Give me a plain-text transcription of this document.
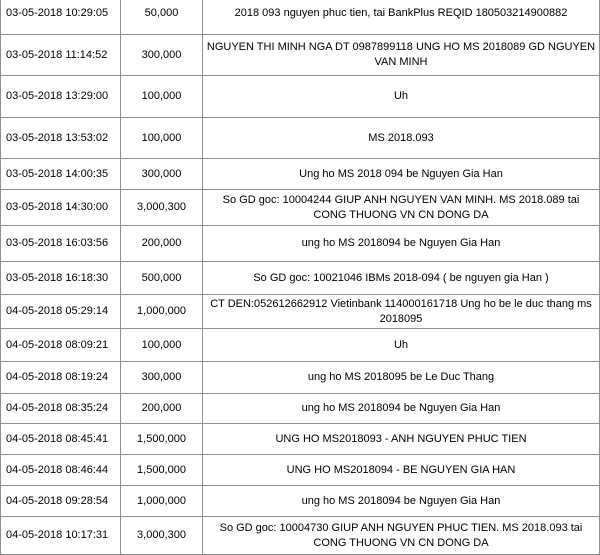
03-05-2018 10:29:05	50,000	2018 093 nguyen phuc tien, tai BankPlus REQID 180503214900882
03-05-2018 11:14:52	300,000	NGUYEN THI MINH NGA DT 0987899118 UNG HO MS 2018089 GD NGUYEN VAN MINH
03-05-2018 13:29:00	100,000	Uh
03-05-2018 13:53:02	100,000	MS 2018.093
03-05-2018 14:00:35	300,000	Ung ho MS 2018 094 be Nguyen Gia Han
03-05-2018 14:30:00	3,000,300	So GD goc: 10004244 GIUP ANH NGUYEN VAN MINH. MS 2018.089 tai CONG THUONG VN CN DONG DA
03-05-2018 16:03:56	200,000	ung ho MS 2018094 be Nguyen Gia Han
03-05-2018 16:18:30	500,000	So GD goc: 10021046 IBMs 2018-094 ( be nguyen gia Han )
04-05-2018 05:29:14	1,000,000	CT DEN:052612662912 Vietinbank 114000161718 Ung ho be le duc thang ms 2018095
04-05-2018 08:09:21	100,000	Uh
04-05-2018 08:19:24	300,000	ung ho MS 2018095 be Le Duc Thang
04-05-2018 08:35:24	200,000	ung ho MS 2018094 be Nguyen Gia Han
04-05-2018 08:45:41	1,500,000	UNG HO MS2018093 - ANH NGUYEN PHUC TIEN
04-05-2018 08:46:44	1,500,000	UNG HO MS2018094 - BE NGUYEN GIA HAN
04-05-2018 09:28:54	1,000,000	ung ho MS 2018094 be Nguyen Gia Han
04-05-2018 10:17:31	3,000,300	So GD goc: 10004730 GIUP ANH NGUYEN PHUC TIEN. MS 2018.093 tai CONG THUONG VN CN DONG DA
